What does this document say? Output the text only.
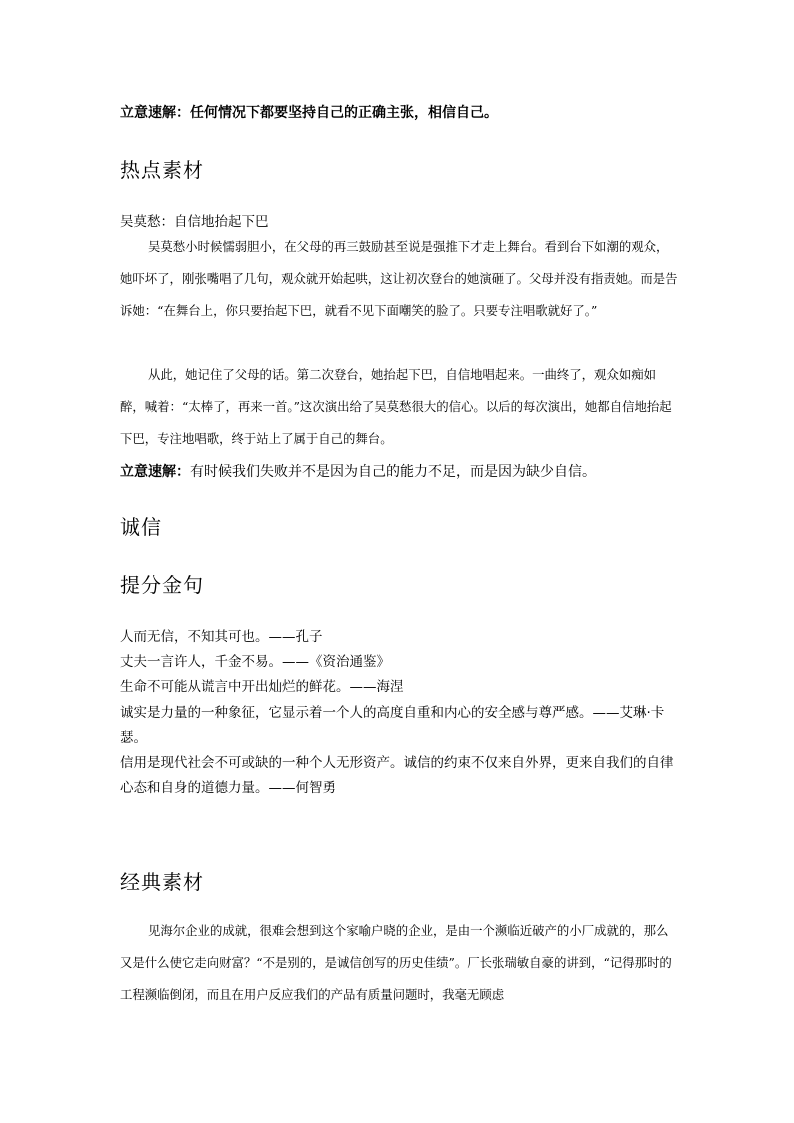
立意速解：任何情况下都要坚持自己的正确主张，相信自己。

热点素材

吴莫愁：自信地抬起下巴

吴莫愁小时候懦弱胆小，在父母的再三鼓励甚至说是强推下才走上舞台。看到台下如潮的观众，她吓坏了，刚张嘴唱了几句，观众就开始起哄，这让初次登台的她演砸了。父母并没有指责她。而是告诉她：“在舞台上，你只要抬起下巴，就看不见下面嘲笑的脸了。只要专注唱歌就好了。”

从此，她记住了父母的话。第二次登台，她抬起下巴，自信地唱起来。一曲终了，观众如痴如醉，喊着：“太棒了，再来一首。”这次演出给了吴莫愁很大的信心。以后的每次演出，她都自信地抬起下巴，专注地唱歌，终于站上了属于自己的舞台。

立意速解：有时候我们失败并不是因为自己的能力不足，而是因为缺少自信。

诚信

提分金句

人而无信，不知其可也。——孔子
丈夫一言许人，千金不易。——《资治通鉴》
生命不可能从谎言中开出灿烂的鲜花。——海涅
诚实是力量的一种象征，它显示着一个人的高度自重和内心的安全感与尊严感。——艾琳·卡瑟。
信用是现代社会不可或缺的一种个人无形资产。诚信的约束不仅来自外界，更来自我们的自律心态和自身的道德力量。——何智勇

经典素材

见海尔企业的成就，很难会想到这个家喻户晓的企业，是由一个濒临近破产的小厂成就的，那么又是什么使它走向财富？“不是别的，是诚信创写的历史佳绩”。厂长张瑞敏自豪的讲到，“记得那时的工程濒临倒闭，而且在用户反应我们的产品有质量问题时，我毫无顾虑
